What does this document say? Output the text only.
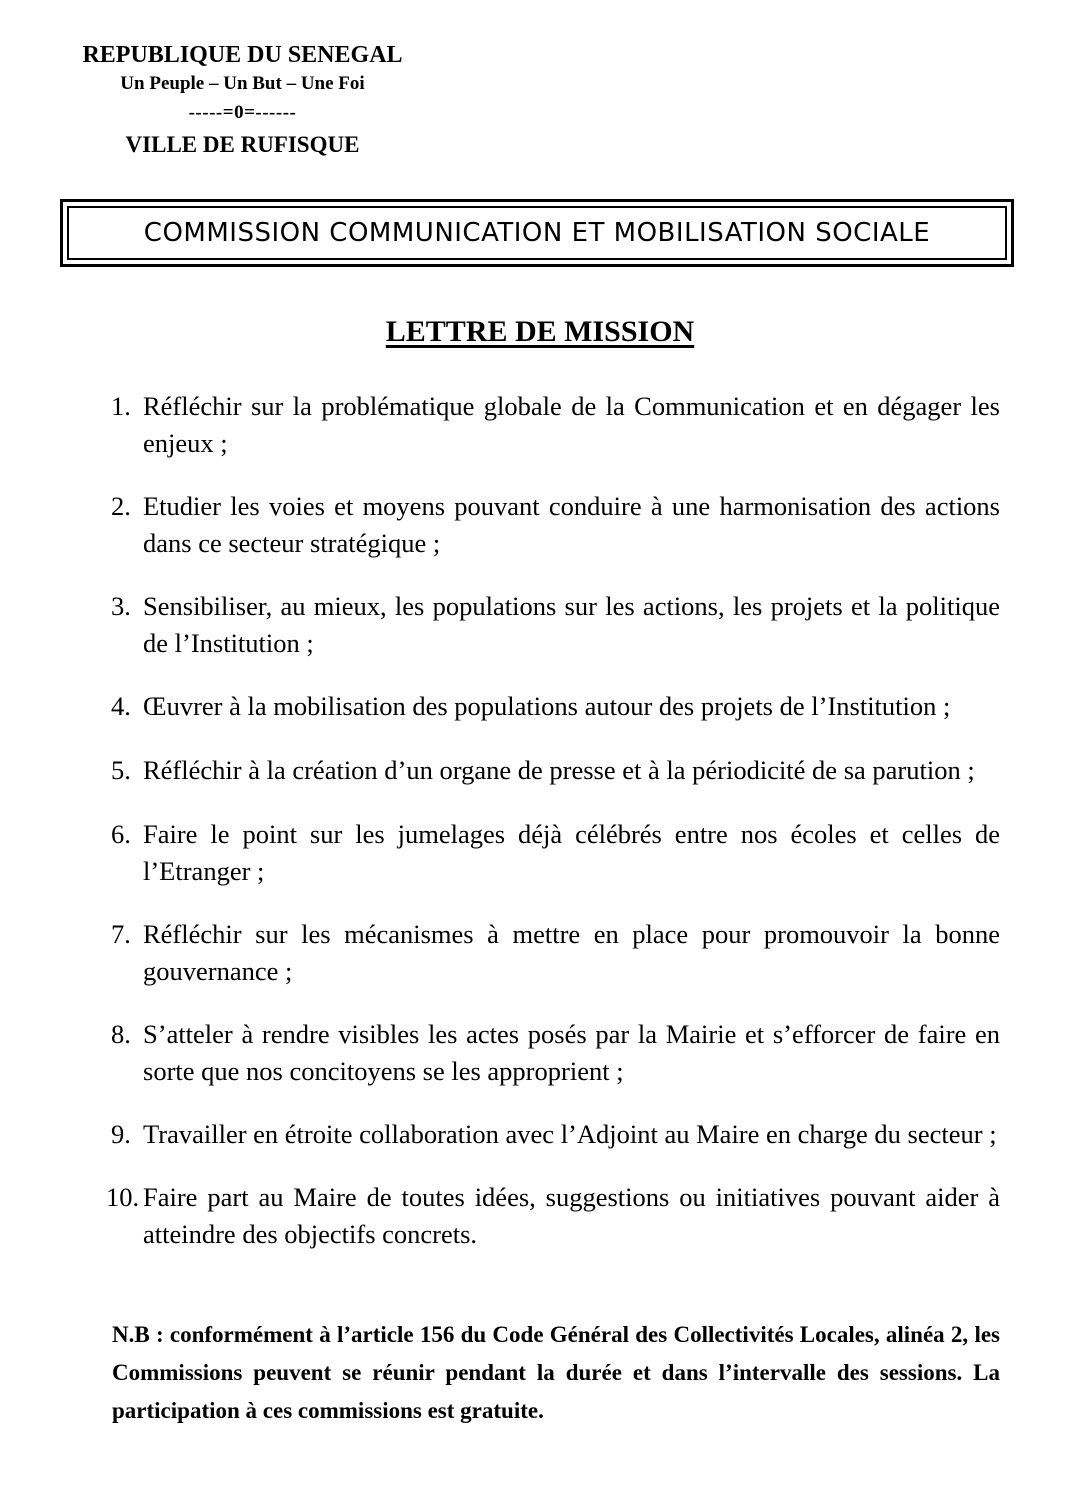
REPUBLIQUE DU SENEGAL
Un Peuple – Un But – Une Foi
-----=0=------
VILLE DE RUFISQUE
COMMISSION COMMUNICATION ET MOBILISATION SOCIALE
LETTRE DE MISSION
1. Réfléchir sur la problématique globale de la Communication et en dégager les enjeux ;
2. Etudier les voies et moyens pouvant conduire à une harmonisation des actions dans ce secteur stratégique ;
3. Sensibiliser, au mieux, les populations sur les actions, les projets et la politique de l’Institution ;
4. Œuvrer à la mobilisation des populations autour des projets de l’Institution ;
5. Réfléchir à la création d’un organe de presse et à la périodicité de sa parution ;
6. Faire le point sur les jumelages déjà célébrés entre nos écoles et celles de l’Etranger ;
7. Réfléchir sur les mécanismes à mettre en place pour promouvoir la bonne gouvernance ;
8. S’atteler à rendre visibles les actes posés par la Mairie et s’efforcer de faire en sorte que nos concitoyens se les approprient ;
9. Travailler en étroite collaboration avec l’Adjoint au Maire en charge du secteur ;
10. Faire part au Maire de toutes idées, suggestions ou initiatives pouvant aider à atteindre des objectifs concrets.
N.B : conformément à l’article 156 du Code Général des Collectivités Locales, alinéa 2, les Commissions peuvent se réunir pendant la durée et dans l’intervalle des sessions. La participation à ces commissions est gratuite.
